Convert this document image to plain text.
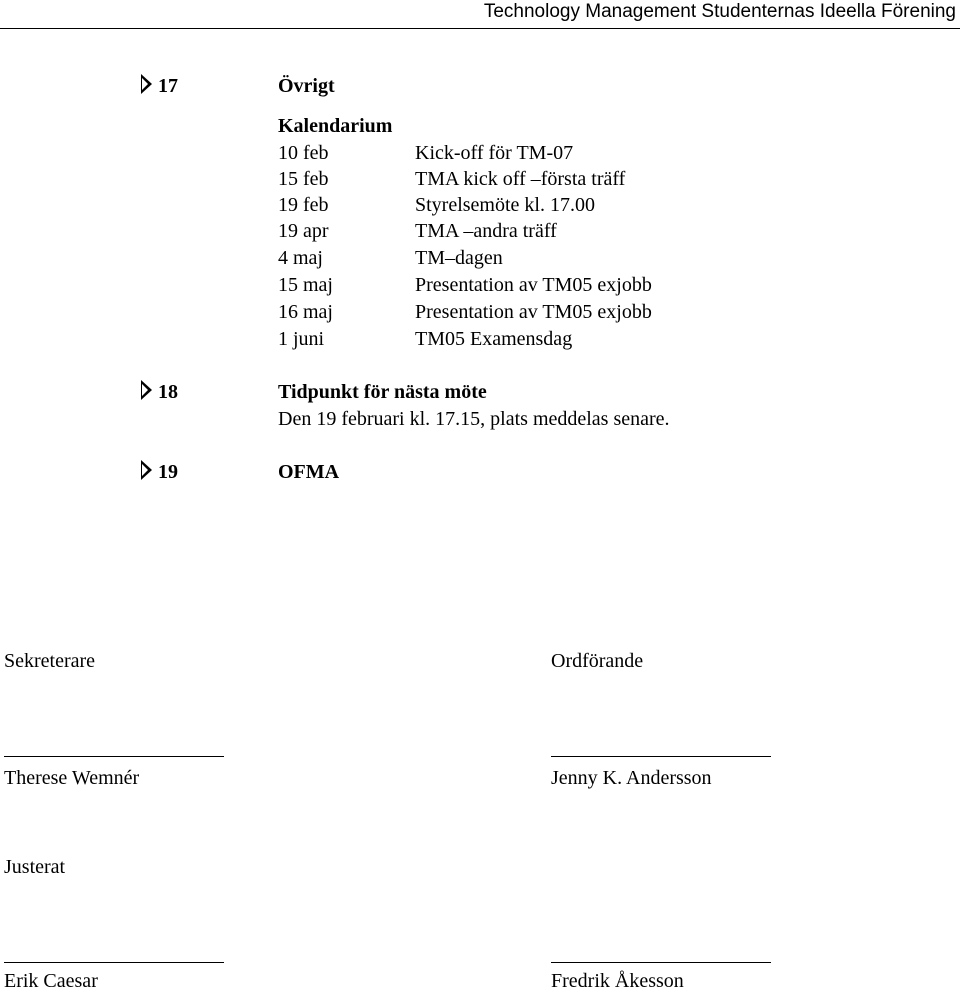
Technology Management Studenternas Ideella Förening
17	Övrigt
Kalendarium
10 feb	Kick-off för TM-07
15 feb	TMA kick off –första träff
19 feb	Styrelsemöte kl. 17.00
19 apr	TMA –andra träff
4 maj	TM–dagen
15 maj	Presentation av TM05 exjobb
16 maj	Presentation av TM05 exjobb
1 juni	TM05 Examensdag
18	Tidpunkt för nästa möte
Den 19 februari kl. 17.15, plats meddelas senare.
19	OFMA
Sekreterare	Ordförande
Therese Wemnér	Jenny K. Andersson
Justerat
Erik Caesar	Fredrik Åkesson
